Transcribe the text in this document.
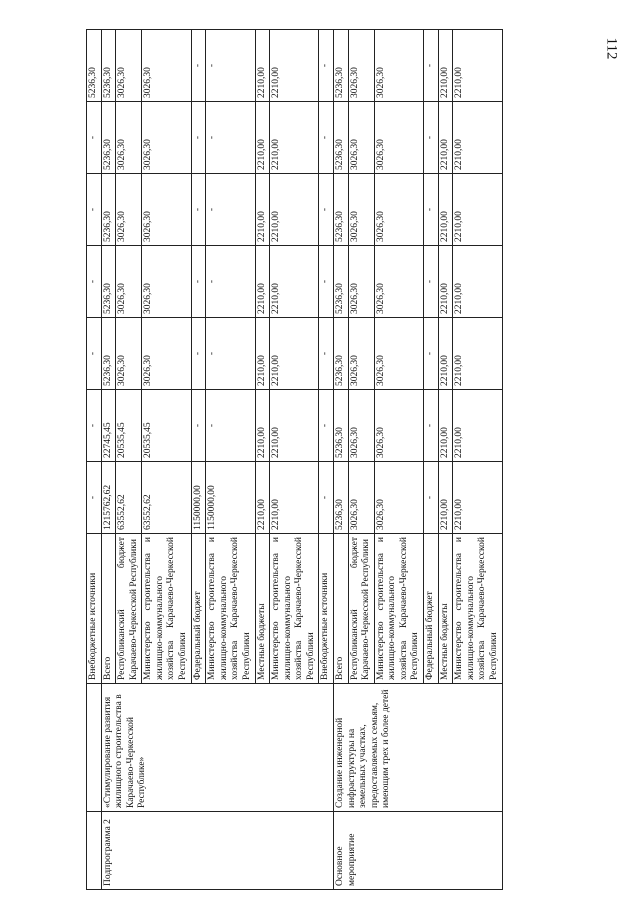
112
		Внебюджетные источники	-	-	-	-	-	-	5236,30
Подпрограмма 2	«Стимулирование развития жилищного строительства в Карачаево-Черкесской Республике»	Всего	1215762,62	22745,45	5236,30	5236,30	5236,30	5236,30	5236,30
		Республиканский бюджет Карачаево-Черкесской Республики	63552,62	20535,45	3026,30	3026,30	3026,30	3026,30	3026,30
		Министерство строительства и жилищно-коммунального хозяйства Карачаево-Черкесской Республики	63552,62	20535,45	3026,30	3026,30	3026,30	3026,30	3026,30
		Федеральный бюджет	1150000,00	-	-	-	-	-	-
		Министерство строительства и жилищно-коммунального хозяйства Карачаево-Черкесской Республики	1150000,00	-	-	-	-	-	-
		Местные бюджеты	2210,00	2210,00	2210,00	2210,00	2210,00	2210,00	2210,00
		Министерство строительства и жилищно-коммунального хозяйства Карачаево-Черкесской Республики	2210,00	2210,00	2210,00	2210,00	2210,00	2210,00	2210,00
		Внебюджетные источники	-	-	-	-	-	-	-
Основное мероприятие	Создание инженерной инфраструктуры на земельных участках, предоставляемых семьям, имеющим трех и более детей	Всего	5236,30	5236,30	5236,30	5236,30	5236,30	5236,30	5236,30
		Республиканский бюджет Карачаево-Черкесской Республики	3026,30	3026,30	3026,30	3026,30	3026,30	3026,30	3026,30
		Министерство строительства и жилищно-коммунального хозяйства Карачаево-Черкесской Республики	3026,30	3026,30	3026,30	3026,30	3026,30	3026,30	3026,30
		Федеральный бюджет	-	-	-	-	-	-	-
		Местные бюджеты	2210,00	2210,00	2210,00	2210,00	2210,00	2210,00	2210,00
		Министерство строительства и жилищно-коммунального хозяйства Карачаево-Черкесской Республики	2210,00	2210,00	2210,00	2210,00	2210,00	2210,00	2210,00
